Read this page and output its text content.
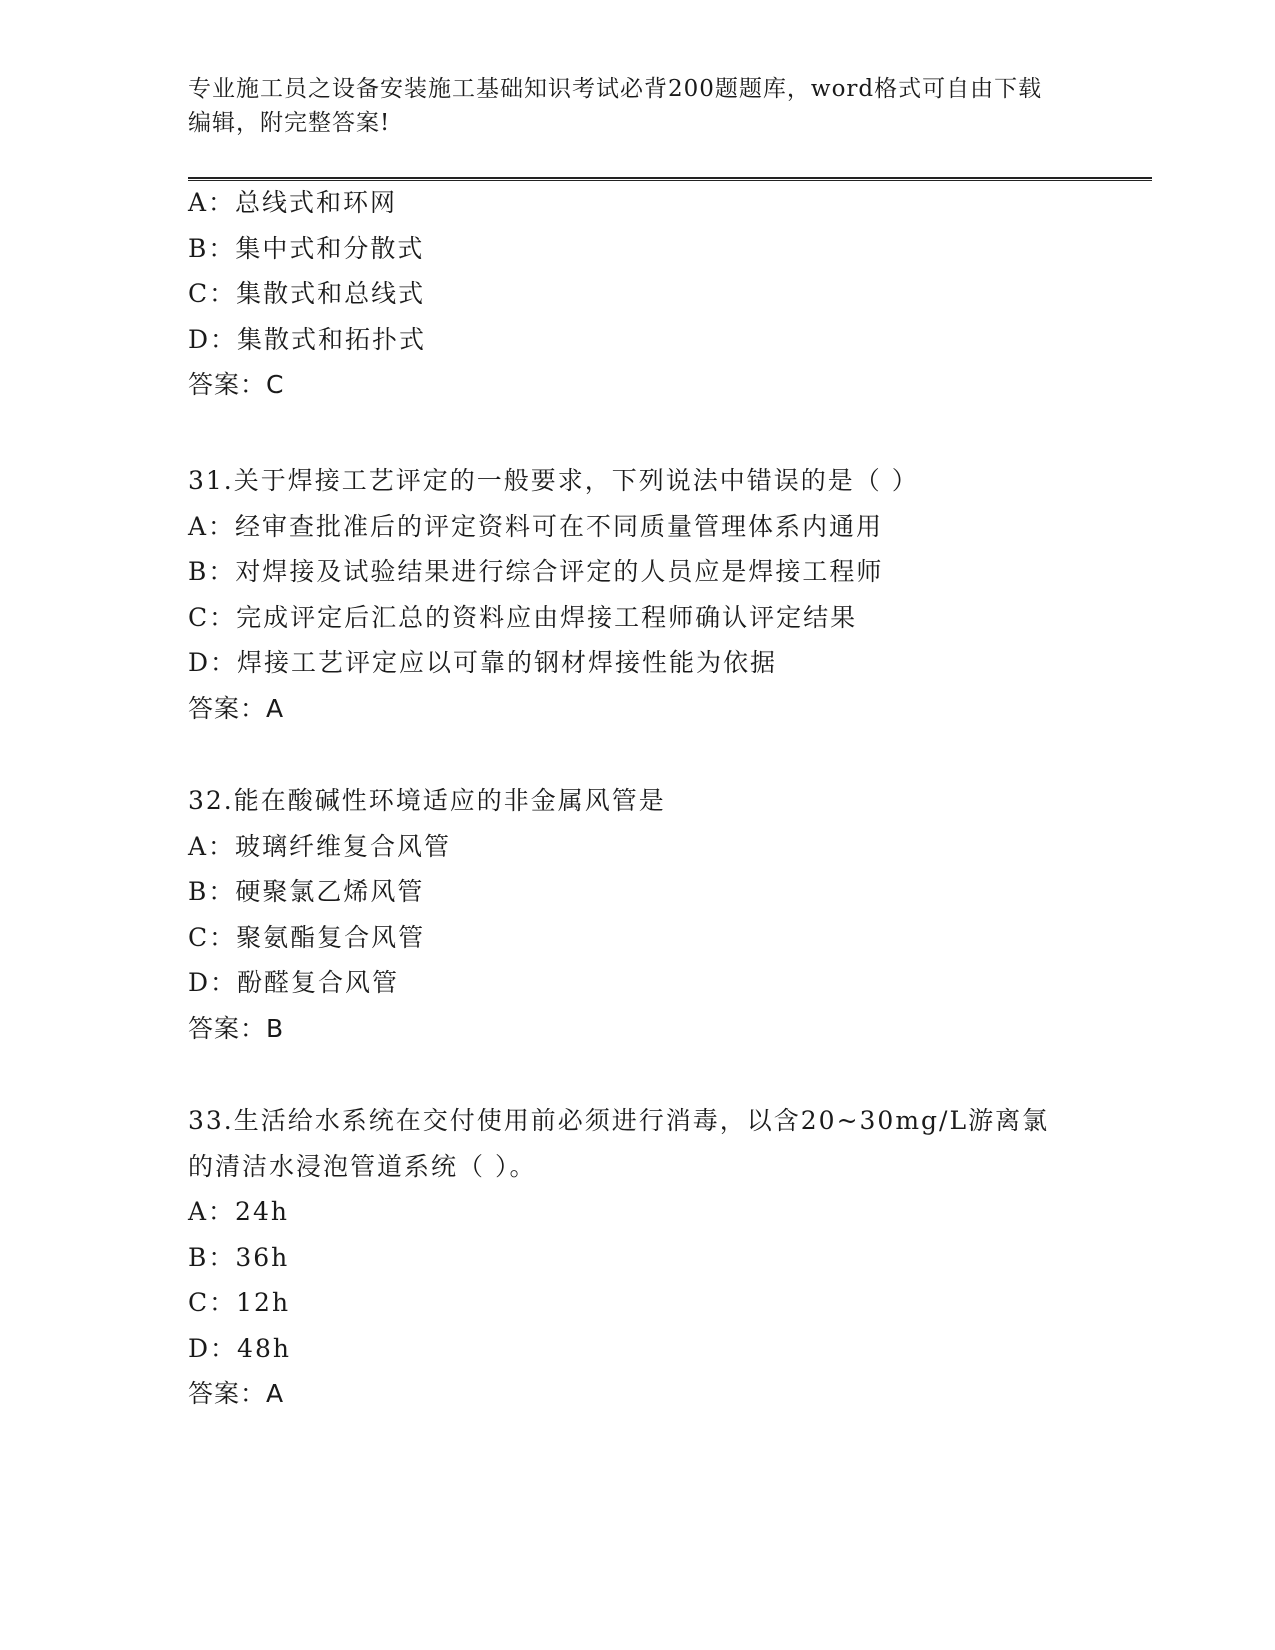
专业施工员之设备安装施工基础知识考试必背200题题库，word格式可自由下载
编辑，附完整答案!
A：总线式和环网
B：集中式和分散式
C：集散式和总线式
D：集散式和拓扑式
答案：C
31.关于焊接工艺评定的一般要求，下列说法中错误的是（ ）
A：经审查批准后的评定资料可在不同质量管理体系内通用
B：对焊接及试验结果进行综合评定的人员应是焊接工程师
C：完成评定后汇总的资料应由焊接工程师确认评定结果
D：焊接工艺评定应以可靠的钢材焊接性能为依据
答案：A
32.能在酸碱性环境适应的非金属风管是
A：玻璃纤维复合风管
B：硬聚氯乙烯风管
C：聚氨酯复合风管
D：酚醛复合风管
答案：B
33.生活给水系统在交付使用前必须进行消毒，以含20~30mg/L游离氯
的清洁水浸泡管道系统（ ）。
A：24h
B：36h
C：12h
D：48h
答案：A
